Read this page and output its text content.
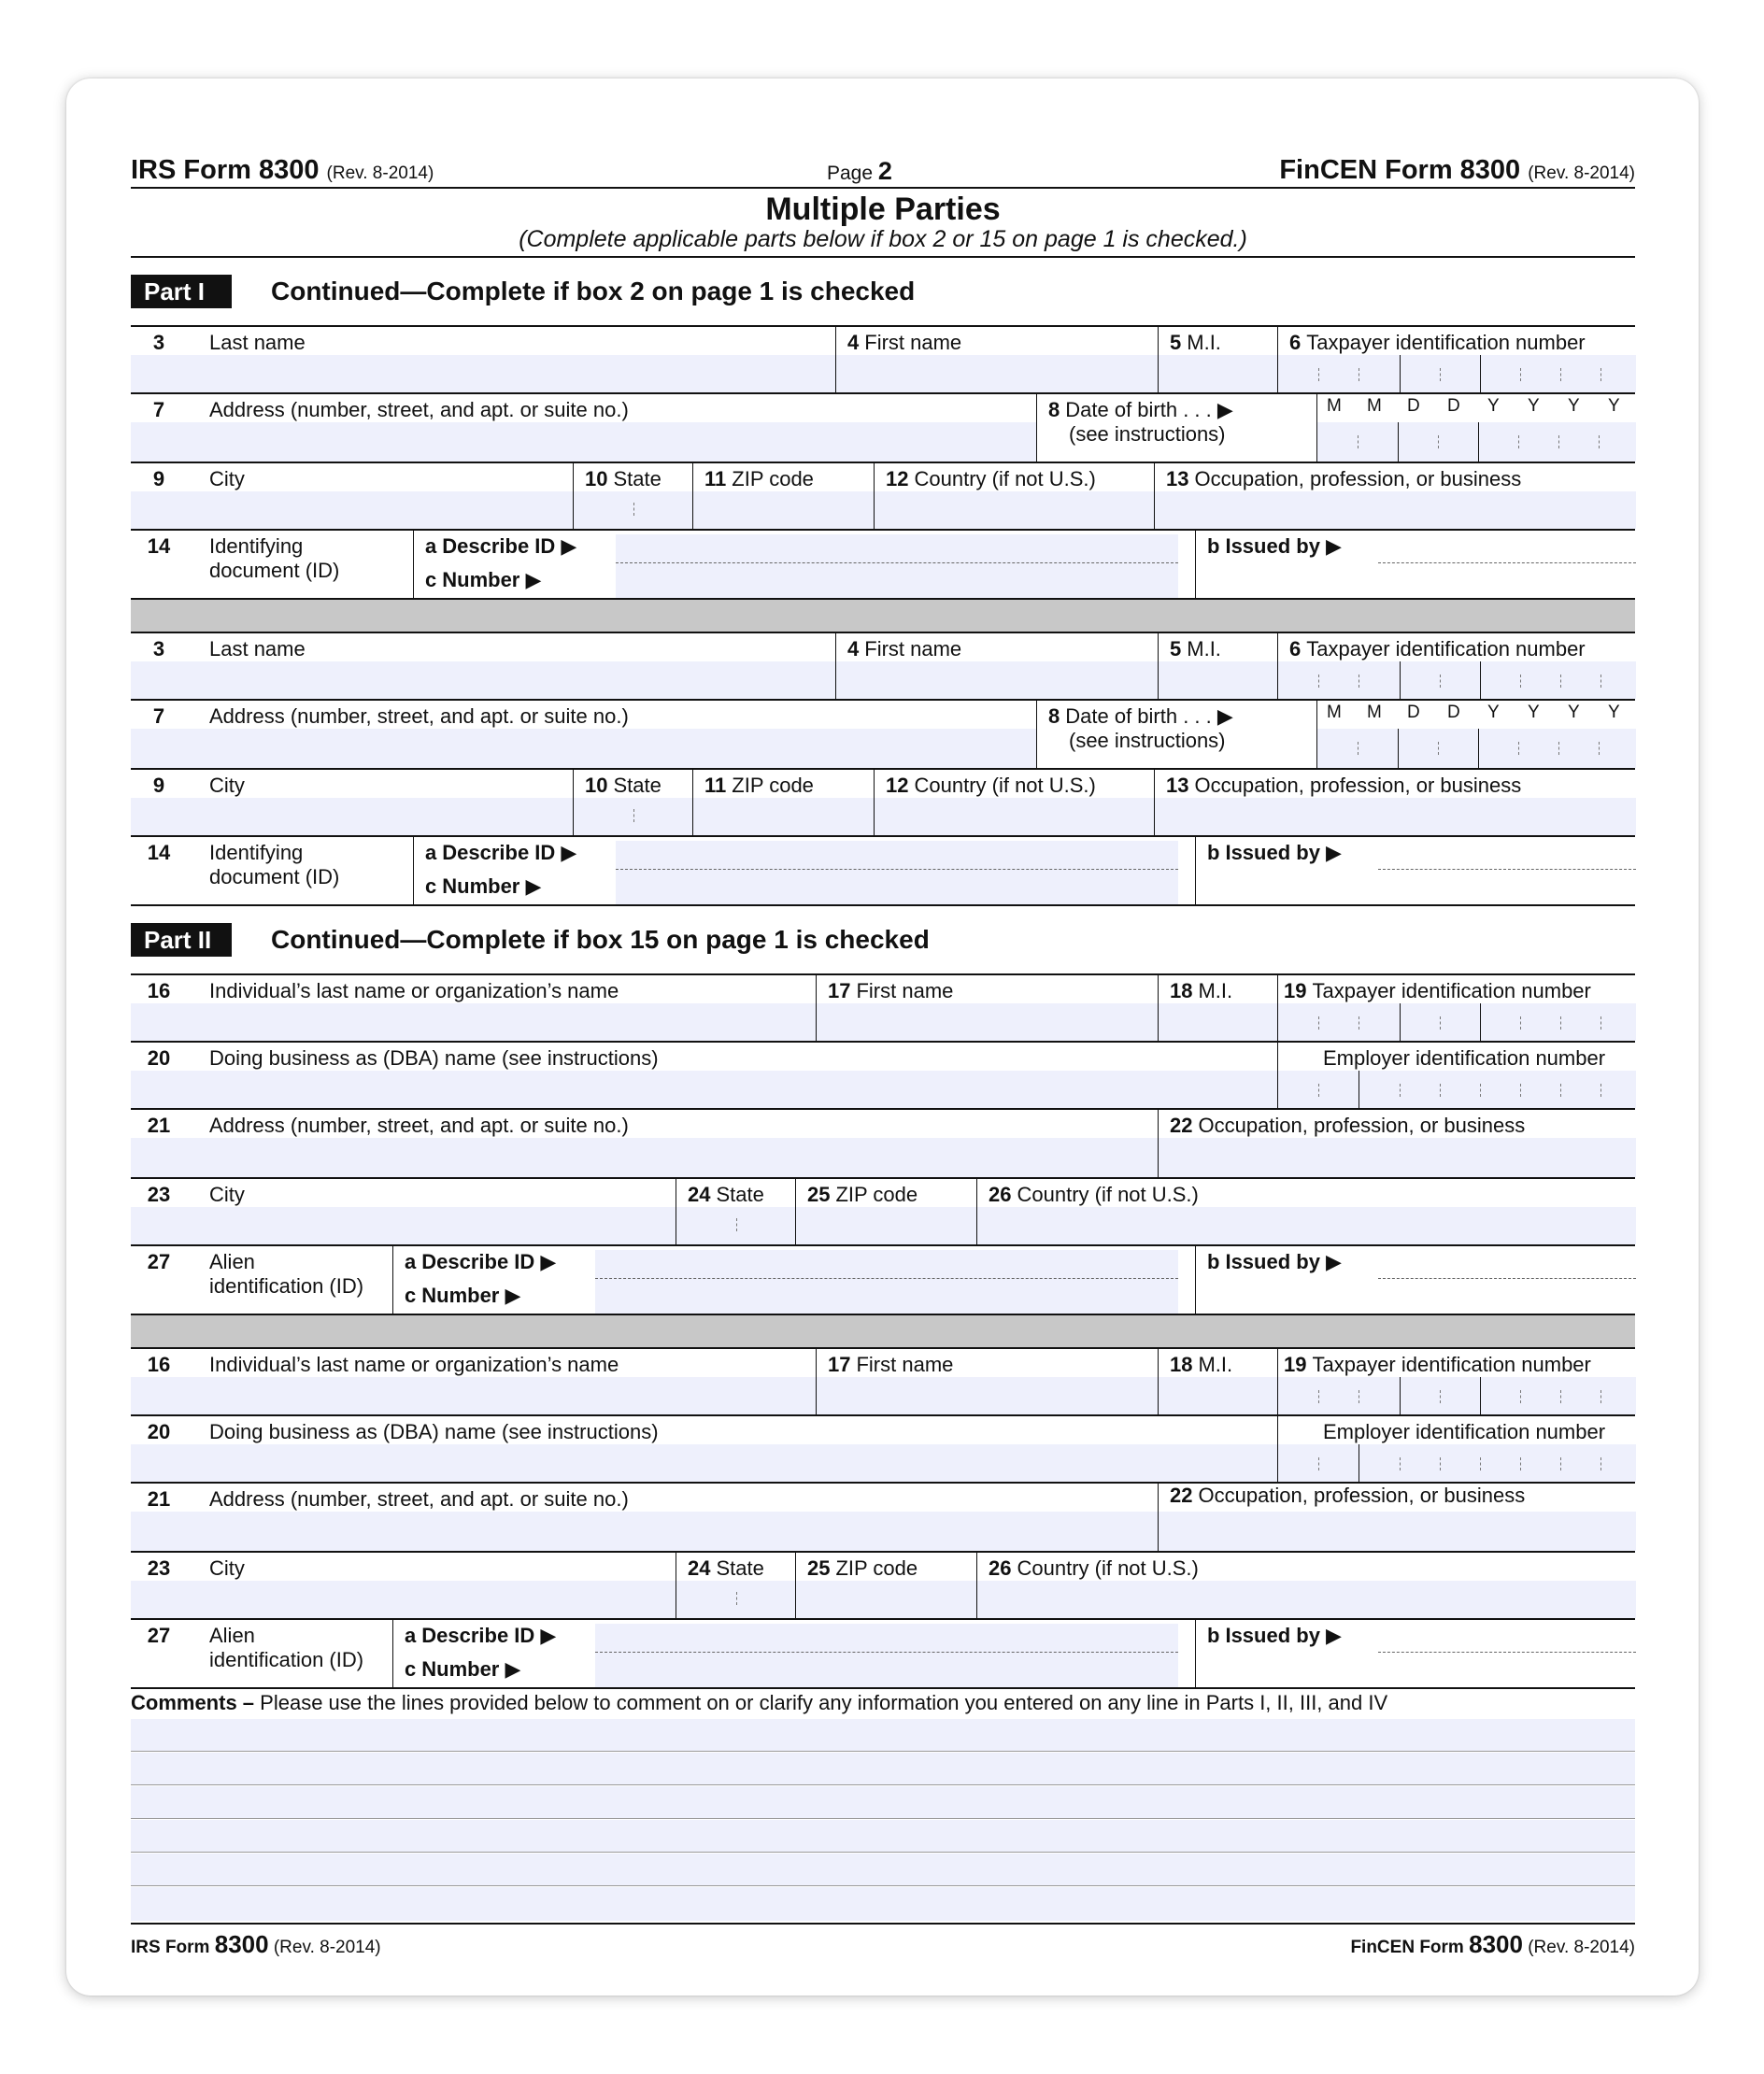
IRS Form 8300 (Rev. 8-2014)	Page 2	FinCEN Form 8300 (Rev. 8-2014)
Multiple Parties
(Complete applicable parts below if box 2 or 15 on page 1 is checked.)
Part I	Continued—Complete if box 2 on page 1 is checked
3	Last name	4 First name	5 M.I.	6 Taxpayer identification number
7	Address (number, street, and apt. or suite no.)	8 Date of birth . . . ▶
(see instructions)
M M D D Y Y Y Y
9	City	10 State 11 ZIP code	12 Country (if not U.S.)	13 Occupation, profession, or business
14	Identifying
document (ID)
a Describe ID ▶
c Number ▶
b Issued by ▶
3	Last name	4 First name	5 M.I.	6 Taxpayer identification number
7	Address (number, street, and apt. or suite no.)	8 Date of birth . . . ▶
(see instructions)
M M D D Y Y Y Y
9	City	10 State 11 ZIP code	12 Country (if not U.S.)	13 Occupation, profession, or business
14	Identifying
document (ID)
a Describe ID ▶
c Number ▶
b Issued by ▶
Part II	Continued—Complete if box 15 on page 1 is checked
16	Individual’s last name or organization’s name	17 First name	18 M.I. 19 Taxpayer identification number
20	Doing business as (DBA) name (see instructions)	Employer identification number
21	Address (number, street, and apt. or suite no.)	22 Occupation, profession, or business
23	City	24 State 25 ZIP code	26 Country (if not U.S.)
27	Alien
identification (ID)
a Describe ID ▶
c Number ▶
b Issued by ▶
16	Individual’s last name or organization’s name	17 First name	18 M.I. 19 Taxpayer identification number
20	Doing business as (DBA) name (see instructions)	Employer identification number
21	Address (number, street, and apt. or suite no.)	22 Occupation, profession, or business
23	City	24 State 25 ZIP code	26 Country (if not U.S.)
27	Alien
identification (ID)
a Describe ID ▶
c Number ▶
b Issued by ▶
Comments – Please use the lines provided below to comment on or clarify any information you entered on any line in Parts I, II, III, and IV
IRS Form 8300 (Rev. 8-2014)	FinCEN Form 8300 (Rev. 8-2014)
